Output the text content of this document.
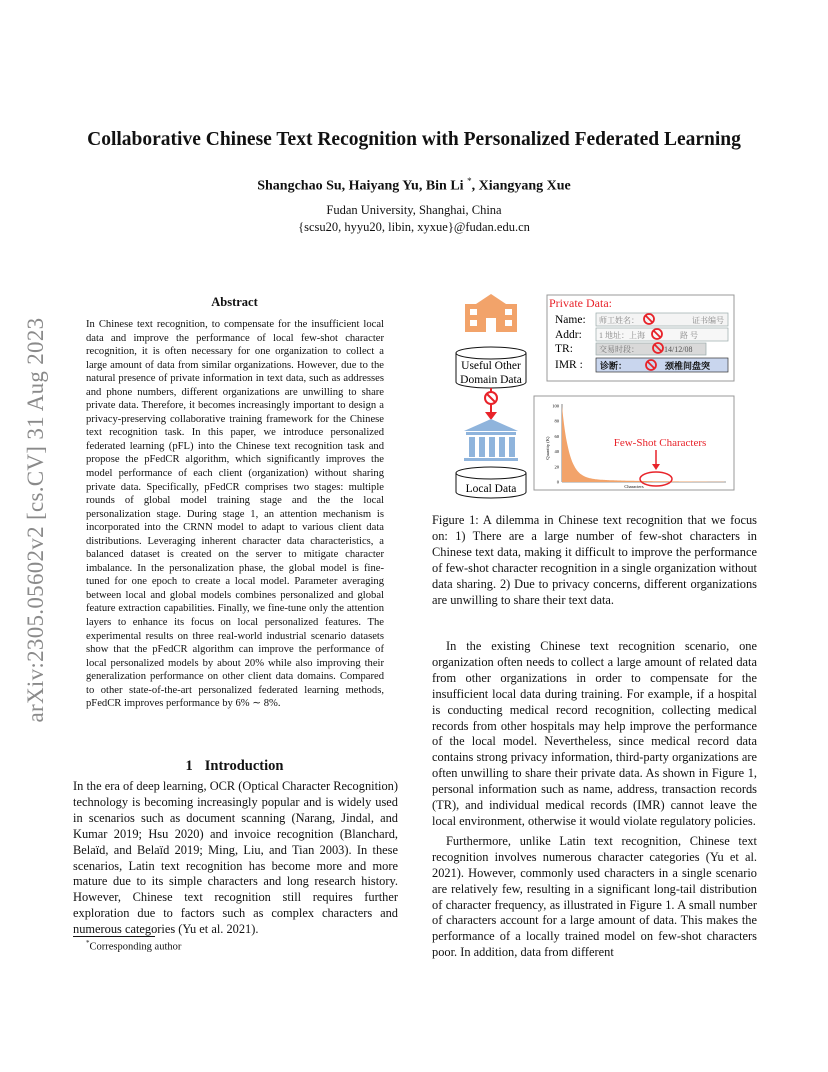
arXiv:2305.05602v2 [cs.CV] 31 Aug 2023
Collaborative Chinese Text Recognition with Personalized Federated Learning
Shangchao Su, Haiyang Yu, Bin Li *, Xiangyang Xue
Fudan University, Shanghai, China
{scsu20, hyyu20, libin, xyxue}@fudan.edu.cn
Abstract
In Chinese text recognition, to compensate for the insufficient local data and improve the performance of local few-shot character recognition, it is often necessary for one organization to collect a large amount of data from similar organizations. However, due to the natural presence of private information in text data, such as addresses and phone numbers, different organizations are unwilling to share private data. Therefore, it becomes increasingly important to design a privacy-preserving collaborative training framework for the Chinese text recognition task. In this paper, we introduce personalized federated learning (pFL) into the Chinese text recognition task and propose the pFedCR algorithm, which significantly improves the model performance of each client (organization) without sharing private data. Specifically, pFedCR comprises two stages: multiple rounds of global model training stage and the the local personalization stage. During stage 1, an attention mechanism is incorporated into the CRNN model to adapt to various client data distributions. Leveraging inherent character data characteristics, a balanced dataset is created on the server to mitigate character imbalance. In the personalization phase, the global model is fine-tuned for one epoch to create a local model. Parameter averaging between local and global models combines personalized and global feature extraction capabilities. Finally, we fine-tune only the attention layers to enhance its focus on local personalized features. The experimental results on three real-world industrial scenario datasets show that the pFedCR algorithm can improve the performance of local personalized models by about 20% while also improving their generalization performance on other client data domains. Compared to other state-of-the-art personalized federated learning methods, pFedCR improves performance by 6% ∼ 8%.
1 Introduction
In the era of deep learning, OCR (Optical Character Recognition) technology is becoming increasingly popular and is widely used in scenarios such as document scanning (Narang, Jindal, and Kumar 2019; Hsu 2020) and invoice recognition (Blanchard, Belaïd, and Belaïd 2019; Ming, Liu, and Tian 2003). In these scenarios, Latin text recognition has become more and more mature due to its simple characters and long research history. However, Chinese text recognition still requires further exploration due to factors such as complex characters and numerous categories (Yu et al. 2021).
*Corresponding author
Useful Other
Domain Data
Local Data
Private Data:
Name:
Addr:
TR:
IMR :
师工姓名：	证书编号
1 地址：上海	路 号
交易时段：	14/12/08
诊断：	颈椎间盘突
Quantity (K)
Characters
100
80
60
40
20
0
Few-Shot Characters
Figure 1: A dilemma in Chinese text recognition that we focus on: 1) There are a large number of few-shot characters in Chinese text data, making it difficult to improve the performance of few-shot character recognition in a single organization without data sharing. 2) Due to privacy concerns, different organizations are unwilling to share their text data.

In the existing Chinese text recognition scenario, one organization often needs to collect a large amount of related data from other organizations in order to compensate for the insufficient local data during training. For example, if a hospital is conducting medical record recognition, collecting medical records from other hospitals may help improve the performance of the local model. Nevertheless, since medical record data contains strong privacy information, third-party organizations are often unwilling to share their private data. As shown in Figure 1, personal information such as name, address, transaction records (TR), and individual medical records (IMR) cannot leave the local environment, otherwise it would violate regulatory policies.

Furthermore, unlike Latin text recognition, Chinese text recognition involves numerous character categories (Yu et al. 2021). However, commonly used characters in a single scenario are relatively few, resulting in a significant long-tail distribution of character frequency, as illustrated in Figure 1. A small number of characters account for a large amount of data. This makes the performance of a locally trained model on few-shot characters poor. In addition, data from different
